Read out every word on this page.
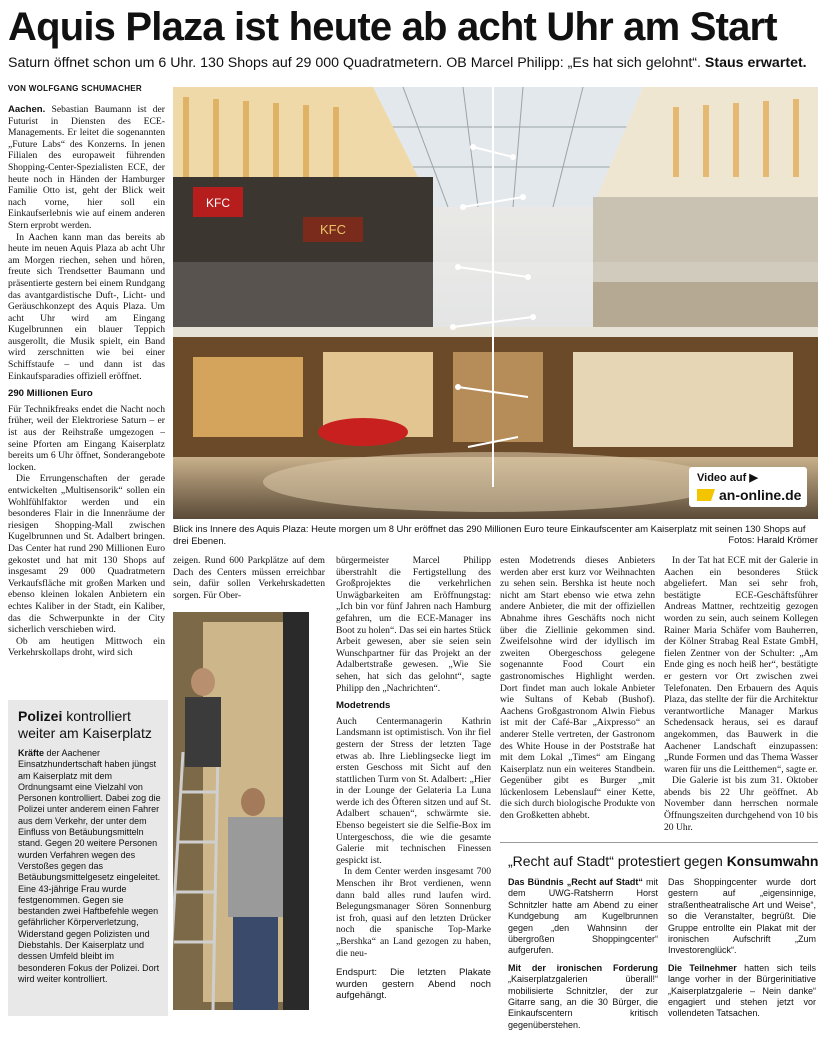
Aquis Plaza ist heute ab acht Uhr am Start
Saturn öffnet schon um 6 Uhr. 130 Shops auf 29 000 Quadratmetern. OB Marcel Philipp: „Es hat sich gelohnt“. Staus erwartet.
VON WOLFGANG SCHUMACHER

Aachen. Sebastian Baumann ist der Futurist in Diensten des ECE-Managements. Er leitet die sogenannten „Future Labs“ des Konzerns. In jenen Filialen des europaweit führenden Shopping-Center-Spezialisten ECE, der heute noch in Händen der Hamburger Familie Otto ist, geht der Blick weit nach vorne, hier soll ein Einkaufserlebnis wie auf einem anderen Stern erprobt werden.

In Aachen kann man das bereits ab heute im neuen Aquis Plaza ab acht Uhr am Morgen riechen, sehen und hören, freute sich Trendsetter Baumann und präsentierte gestern bei einem Rundgang das avantgardistische Duft-, Licht- und Geräuschkonzept des Aquis Plaza. Um acht Uhr wird am Eingang Kugelbrunnen ein blauer Teppich ausgerollt, die Musik spielt, ein Band wird zerschnitten wie bei einer Schiffstaufe – und dann ist das Einkaufsparadies offiziell eröffnet.

290 Millionen Euro

Für Technikfreaks endet die Nacht noch früher, weil der Elektroriese Saturn – er ist aus der Reihstraße umgezogen – seine Pforten am Eingang Kaiserplatz bereits um 6 Uhr öffnet, Sonderangebote locken.

Die Errungenschaften der gerade entwickelten „Multisensorik“ sollen ein Wohlfühlfaktor werden und ein besonderes Flair in die Innenräume der riesigen Shopping-Mall zwischen Kugelbrunnen und St. Adalbert bringen. Das Center hat rund 290 Millionen Euro gekostet und hat mit 130 Shops auf insgesamt 29 000 Quadratmetern Verkaufsfläche mit großen Marken und ebenso kleinen lokalen Anbietern ein echtes Kaliber in der Stadt, ein Kaliber, das die Schwerpunkte in der City sicherlich verschieben wird.

Ob am heutigen Mittwoch ein Verkehrskollaps droht, wird sich

KFC
KFC
Video auf ▶
an-online.de
Blick ins Innere des Aquis Plaza: Heute morgen um 8 Uhr eröffnet das 290 Millionen Euro teure Einkaufscenter am Kaiserplatz mit seinen 130 Shops auf drei Ebenen.	Fotos: Harald Krömer

zeigen. Rund 600 Parkplätze auf dem Dach des Centers müssen erreichbar sein, dafür sollen Verkehrskadetten sorgen. Für Ober-

Polizei kontrolliert weiter am Kaiserplatz
Kräfte der Aachener Einsatzhundertschaft haben jüngst am Kaiserplatz mit dem Ordnungsamt eine Vielzahl von Personen kontrolliert. Dabei zog die Polizei unter anderem einen Fahrer aus dem Verkehr, der unter dem Einfluss von Betäubungsmitteln stand. Gegen 20 weitere Personen wurden Verfahren wegen des Verstoßes gegen das Betäubungsmittelgesetz eingeleitet. Eine 43-jährige Frau wurde festgenommen. Gegen sie bestanden zwei Haftbefehle wegen gefährlicher Körperverletzung, Widerstand gegen Polizisten und Diebstahls. Der Kaiserplatz und dessen Umfeld bleibt im besonderen Fokus der Polizei. Dort wird weiter kontrolliert.

bürgermeister Marcel Philipp überstrahlt die Fertigstellung des Großprojektes die verkehrlichen Unwägbarkeiten am Eröffnungstag: „Ich bin vor fünf Jahren nach Hamburg gefahren, um die ECE-Manager ins Boot zu holen“. Das sei ein hartes Stück Arbeit gewesen, aber sie seien sein Wunschpartner für das Projekt an der Adalbertstraße gewesen. „Wie Sie sehen, hat sich das gelohnt“, sagte Philipp den „Nachrichten“.

Modetrends

Auch Centermanagerin Kathrin Landsmann ist optimistisch. Von ihr fiel gestern der Stress der letzten Tage etwas ab. Ihre Lieblingsecke liegt im ersten Geschoss mit Sicht auf den stattlichen Turm von St. Adalbert: „Hier in der Lounge der Gelateria La Luna werde ich des Öfteren sitzen und auf St. Adalbert schauen“, schwärmte sie. Ebenso begeistert sie die Selfie-Box im Untergeschoss, die wie die gesamte Galerie mit technischen Finessen gespickt ist.

In dem Center werden insgesamt 700 Menschen ihr Brot verdienen, wenn dann bald alles rund laufen wird. Belegungsmanager Sören Sonnenburg ist froh, quasi auf den letzten Drücker noch die spanische Top-Marke „Bershka“ an Land gezogen zu haben, die neu-

Endspurt: Die letzten Plakate wurden gestern Abend noch aufgehängt.

esten Modetrends dieses Anbieters werden aber erst kurz vor Weihnachten zu sehen sein. Bershka ist heute noch nicht am Start ebenso wie etwa zehn andere Anbieter, die mit der offiziellen Abnahme ihres Geschäfts noch nicht über die Ziellinie gekommen sind. Zweifelsohne wird der idyllisch im zweiten Obergeschoss gelegene sogenannte Food Court ein gastronomisches Highlight werden. Dort findet man auch lokale Anbieter wie Sultans of Kebab (Bushof). Aachens Großgastronom Alwin Fiebus ist mit der Café-Bar „Aixpresso“ an anderer Stelle vertreten, der Gastronom des White House in der Poststraße hat mit dem Lokal „Times“ am Eingang Kaiserplatz nun ein weiteres Standbein. Gegenüber gibt es Burger „mit lückenlosem Lebenslauf“ einer Kette, die sich durch biologische Produkte von den Großketten abhebt.

In der Tat hat ECE mit der Galerie in Aachen ein besonderes Stück abgeliefert. Man sei sehr froh, bestätigte ECE-Geschäftsführer Andreas Mattner, rechtzeitig gezogen worden zu sein, auch seinem Kollegen Rainer Maria Schäfer vom Bauherren, der Kölner Strabag Real Estate GmbH, fielen Zentner von der Schulter: „Am Ende ging es noch heiß her“, bestätigte er gestern vor Ort zwischen zwei Telefonaten. Den Erbauern des Aquis Plaza, das stellte der für die Architektur verantwortliche Manager Markus Schedensack heraus, sei es darauf angekommen, das Bauwerk in die Aachener Landschaft einzupassen: „Runde Formen und das Thema Wasser waren für uns die Leitthemen“, sagte er.

Die Galerie ist bis zum 31. Oktober abends bis 22 Uhr geöffnet. Ab November dann herrschen normale Öffnungszeiten durchgehend von 10 bis 20 Uhr.

„Recht auf Stadt“ protestiert gegen Konsumwahn

Das Bündnis „Recht auf Stadt“ mit dem UWG-Ratsherrn Horst Schnitzler hatte am Abend zu einer Kundgebung am Kugelbrunnen gegen „den Wahnsinn der übergroßen Shoppingcenter“ aufgerufen.

Mit der ironischen Forderung „Kaiserplatzgalerien überall!“ mobilisierte Schnitzler, der zur Gitarre sang, an die 30 Bürger, die Einkaufscentern kritisch gegenüberstehen.

Das Shoppingcenter wurde dort gestern auf „eigensinnige, straßentheatralische Art und Weise“, so die Veranstalter, begrüßt. Die Gruppe entrollte ein Plakat mit der ironischen Aufschrift „Zum Investorenglück“.

Die Teilnehmer hatten sich teils lange vorher in der Bürgerinitiative „Kaiserplatzgalerie – Nein danke“ engagiert und stehen jetzt vor vollendeten Tatsachen.
